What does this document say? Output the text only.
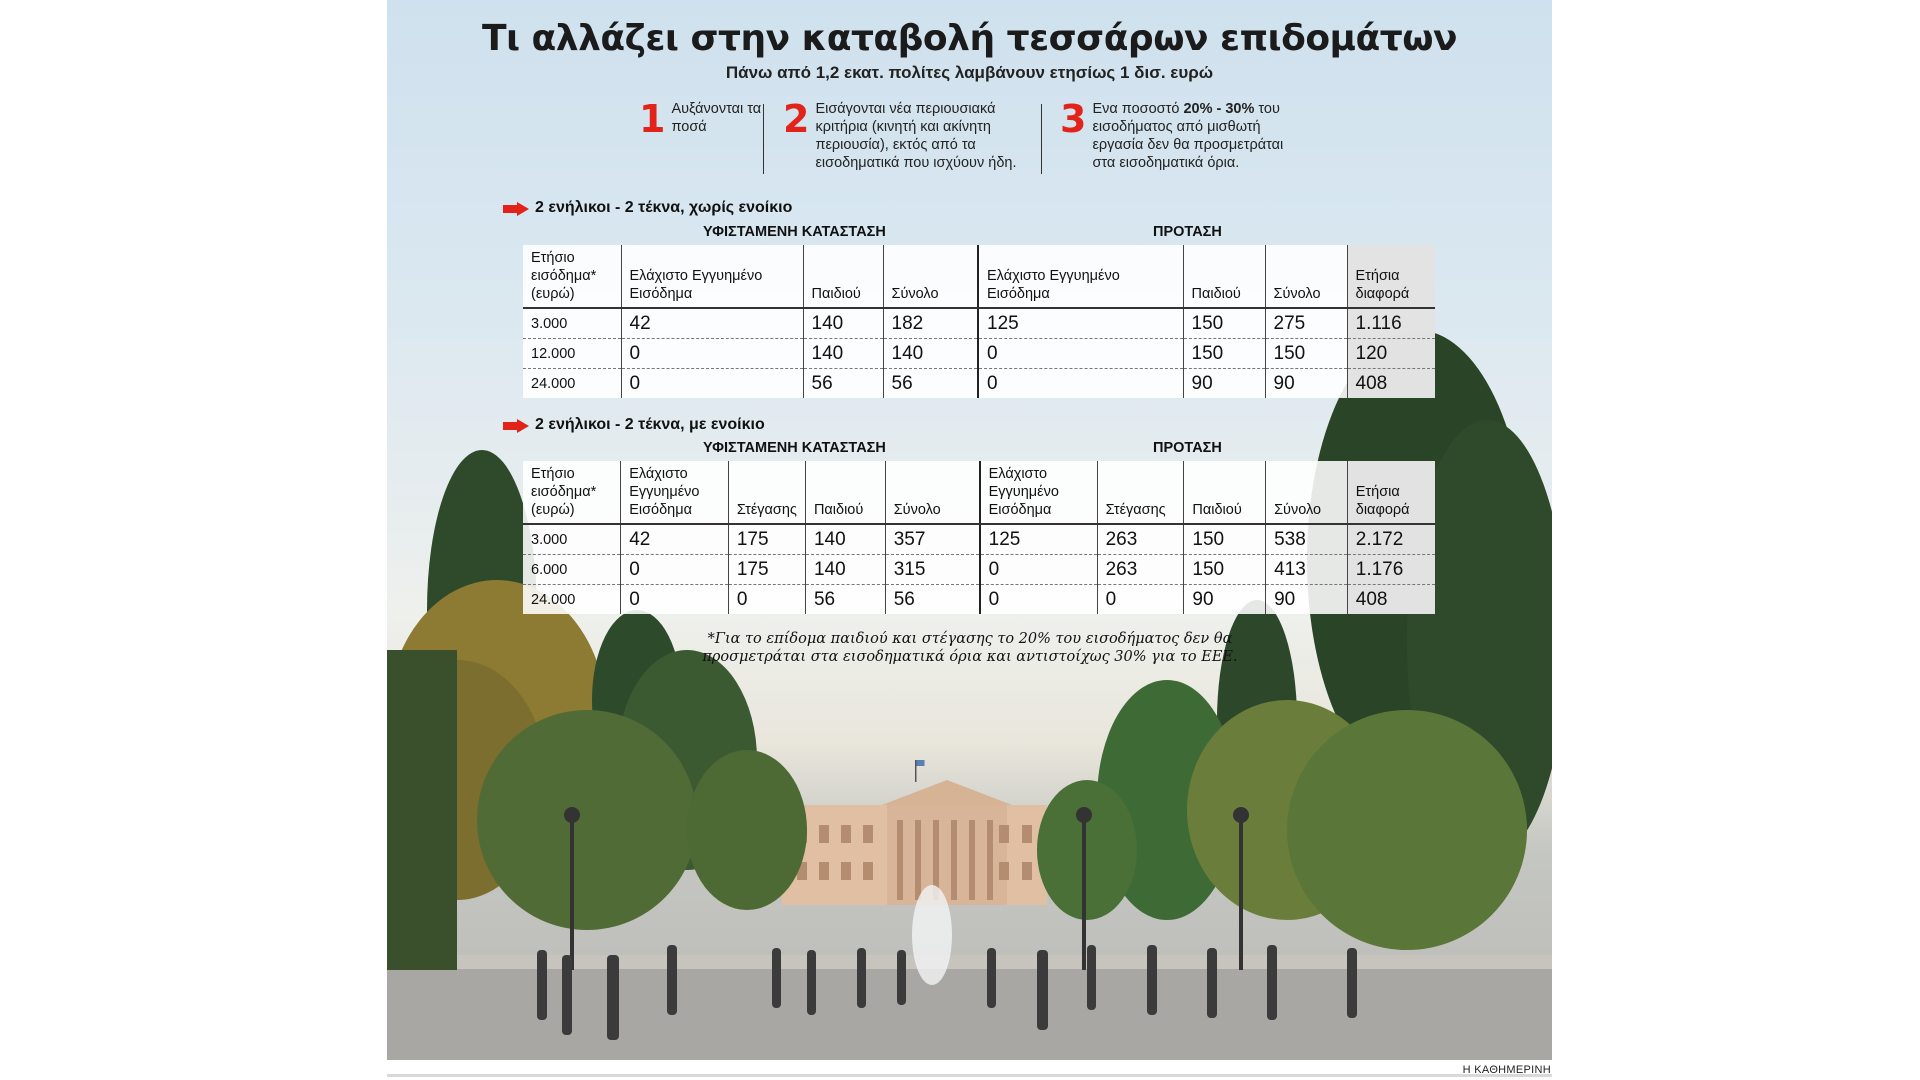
Τι αλλάζει στην καταβολή τεσσάρων επιδομάτων
Πάνω από 1,2 εκατ. πολίτες λαμβάνουν ετησίως 1 δισ. ευρώ
1 Αυξάνονται τα ποσά	2 Εισάγονται νέα περιουσιακά κριτήρια (κινητή και ακίνητη περιουσία), εκτός από τα εισοδηματικά που ισχύουν ήδη.
3 Ενα ποσοστό 20% - 30% του εισοδήματος από μισθωτή εργασία δεν θα προσμετράται στα εισοδηματικά όρια.
2 ενήλικοι - 2 τέκνα, χωρίς ενοίκιο
ΥΦΙΣΤΑΜΕΝΗ ΚΑΤΑΣΤΑΣΗ	ΠΡΟΤΑΣΗ
Ετήσιο εισόδημα* (ευρώ)	Ελάχιστο Εγγυημένο Εισόδημα	Παιδιού	Σύνολο	Ελάχιστο Εγγυημένο Εισόδημα	Παιδιού	Σύνολο	Ετήσια διαφορά
3.000	42	140	182	125	150	275	1.116
12.000	0	140	140	0	150	150	120
24.000	0	56	56	0	90	90	408
2 ενήλικοι - 2 τέκνα, με ενοίκιο
ΥΦΙΣΤΑΜΕΝΗ ΚΑΤΑΣΤΑΣΗ	ΠΡΟΤΑΣΗ
Ετήσιο εισόδημα* (ευρώ)	Ελάχιστο Εγγυημένο Εισόδημα	Στέγασης	Παιδιού	Σύνολο	Ελάχιστο Εγγυημένο Εισόδημα	Στέγασης	Παιδιού	Σύνολο	Ετήσια διαφορά
3.000	42	175	140	357	125	263	150	538	2.172
6.000	0	175	140	315	0	263	150	413	1.176
24.000	0	0	56	56	0	0	90	90	408
*Για το επίδομα παιδιού και στέγασης το 20% του εισοδήματος δεν θα προσμετράται στα εισοδηματικά όρια και αντιστοίχως 30% για το ΕΕΕ.
Η ΚΑΘΗΜΕΡΙΝΗ
